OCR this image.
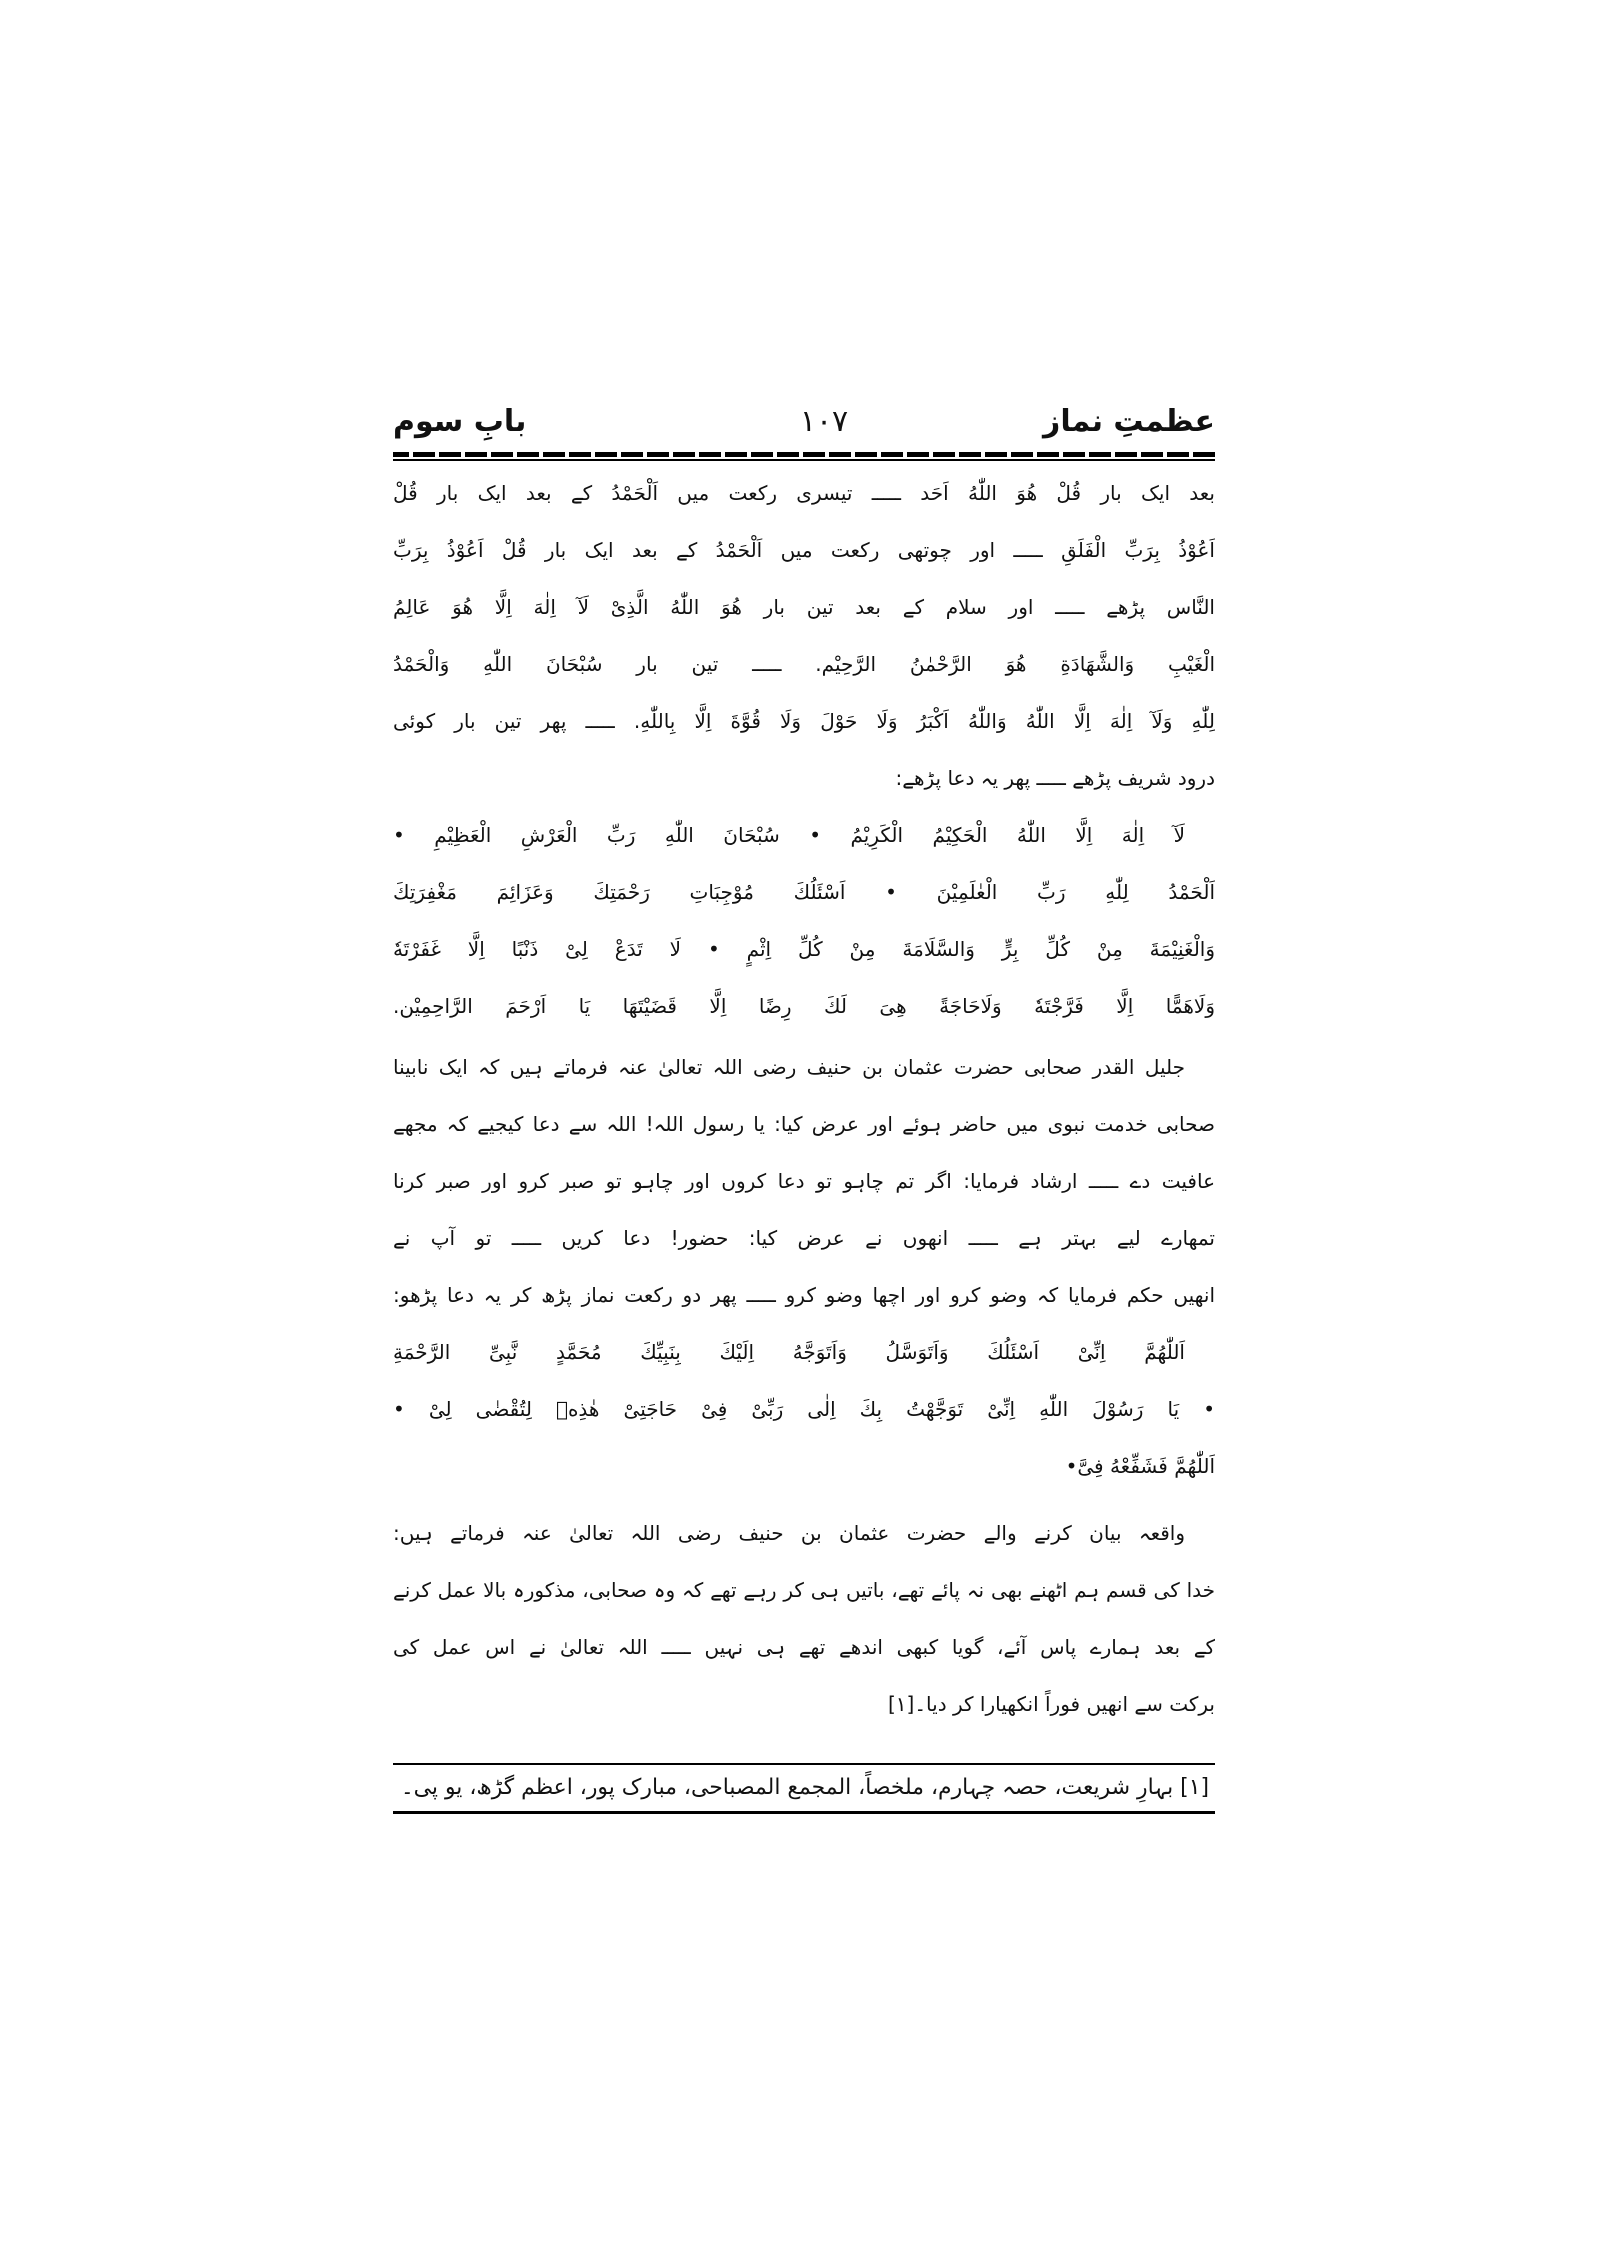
عظمتِ نماز
۱۰۷
بابِ سوم
بعد ایک بار قُلْ هُوَ اللّٰهُ اَحَد ـــــ تیسری رکعت میں اَلْحَمْدُ کے بعد ایک بار قُلْ
اَعُوْذُ بِرَبِّ الْفَلَقِ ـــــ اور چوتھی رکعت میں اَلْحَمْدُ کے بعد ایک بار قُلْ اَعُوْذُ بِرَبِّ
النَّاس پڑھے ـــــ اور سلام کے بعد تین بار هُوَ اللّٰهُ الَّذِیْ لَآ اِلٰهَ اِلَّا هُوَ عَالِمُ
الْغَیْبِ وَالشَّهَادَةِ هُوَ الرَّحْمٰنُ الرَّحِیْم. ـــــ تین بار سُبْحَانَ اللّٰهِ وَالْحَمْدُ
لِلّٰهِ وَلَآ اِلٰهَ اِلَّا اللّٰهُ وَاللّٰهُ اَكْبَرُ وَلَا حَوْلَ وَلَا قُوَّةَ اِلَّا بِاللّٰهِ. ـــــ پھر تین بار کوئی
درود شریف پڑھے ـــــ پھر یہ دعا پڑھے:
لَآ اِلٰهَ اِلَّا اللّٰهُ الْحَكِیْمُ الْكَرِیْمُ • سُبْحَانَ اللّٰهِ رَبِّ الْعَرْشِ الْعَظِیْمِ •
اَلْحَمْدُ لِلّٰهِ رَبِّ الْعٰلَمِیْنَ • اَسْئَلُكَ مُوْجِبَاتِ رَحْمَتِكَ وَعَزَائِمَ مَغْفِرَتِكَ
وَالْغَنِیْمَةَ مِنْ كُلِّ بِرٍّ وَالسَّلَامَةَ مِنْ كُلِّ اِثْمٍ • لَا تَدَعْ لِیْ ذَنْبًا اِلَّا غَفَرْتَهٗ
وَلَاهَمًّا اِلَّا فَرَّجْتَهٗ وَلَاحَاجَةً هِیَ لَكَ رِضًا اِلَّا قَضَیْتَهَا یَا اَرْحَمَ الرَّاحِمِیْن.
جلیل القدر صحابی حضرت عثمان بن حنیف رضی اللہ تعالیٰ عنہ فرماتے ہیں کہ ایک نابینا
صحابی خدمت نبوی میں حاضر ہوئے اور عرض کیا: یا رسول اللہ! اللہ سے دعا کیجیے کہ مجھے
عافیت دے ـــــ ارشاد فرمایا: اگر تم چاہو تو دعا کروں اور چاہو تو صبر کرو اور صبر کرنا
تمھارے لیے بہتر ہے ـــــ انھوں نے عرض کیا: حضور! دعا کریں ـــــ تو آپ نے
انھیں حکم فرمایا کہ وضو کرو اور اچھا وضو کرو ـــــ پھر دو رکعت نماز پڑھ کر یہ دعا پڑھو:
اَللّٰهُمَّ اِنِّیْ اَسْئَلُكَ وَاَتَوَسَّلُ وَاَتَوَجَّهُ اِلَیْكَ بِنَبِیِّكَ مُحَمَّدٍ نَّبِیِّ الرَّحْمَةِ
• یَا رَسُوْلَ اللّٰهِ اِنِّیْ تَوَجَّهْتُ بِكَ اِلٰی رَبِّیْ فِیْ حَاجَتِیْ هٰذِهٖ لِتُقْضٰی لِیْ •
اَللّٰهُمَّ فَشَفِّعْهُ فِیَّ•
واقعہ بیان کرنے والے حضرت عثمان بن حنیف رضی اللہ تعالیٰ عنہ فرماتے ہیں:
خدا کی قسم ہم اٹھنے بھی نہ پائے تھے، باتیں ہی کر رہے تھے کہ وہ صحابی، مذکورہ بالا عمل کرنے
کے بعد ہمارے پاس آئے، گویا کبھی اندھے تھے ہی نہیں ـــــ اللہ تعالیٰ نے اس عمل کی
برکت سے انھیں فوراً انکھیارا کر دیا۔[۱]
[۱] بہارِ شریعت، حصہ چہارم، ملخصاً، المجمع المصباحی، مبارک پور، اعظم گڑھ، یو پی۔
